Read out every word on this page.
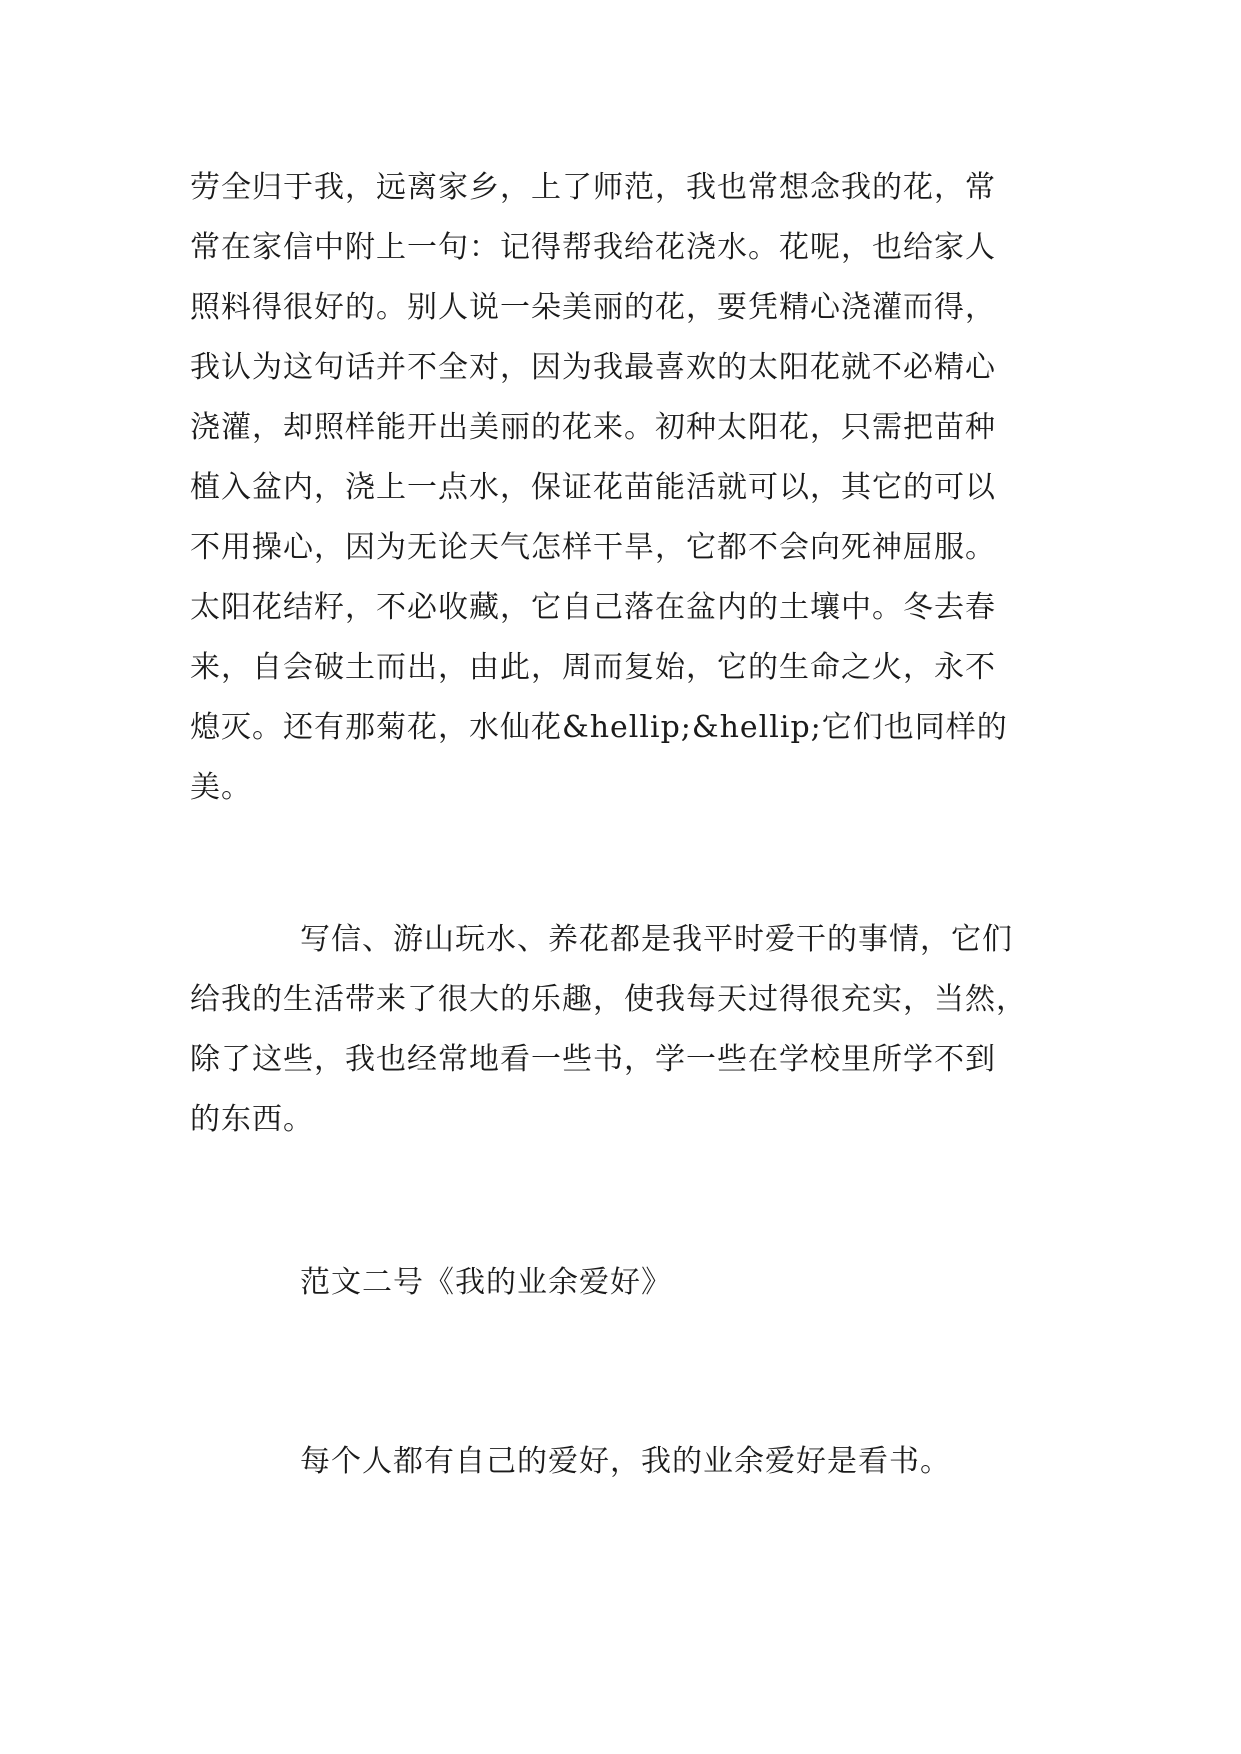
劳全归于我，远离家乡，上了师范，我也常想念我的花，常
常在家信中附上一句：记得帮我给花浇水。花呢，也给家人
照料得很好的。别人说一朵美丽的花，要凭精心浇灌而得，
我认为这句话并不全对，因为我最喜欢的太阳花就不必精心
浇灌，却照样能开出美丽的花来。初种太阳花，只需把苗种
植入盆内，浇上一点水，保证花苗能活就可以，其它的可以
不用操心，因为无论天气怎样干旱，它都不会向死神屈服。
太阳花结籽，不必收藏，它自己落在盆内的土壤中。冬去春
来，自会破土而出，由此，周而复始，它的生命之火，永不
熄灭。还有那菊花，水仙花&hellip;&hellip;它们也同样的
美。
写信、游山玩水、养花都是我平时爱干的事情，它们
给我的生活带来了很大的乐趣，使我每天过得很充实，当然，
除了这些，我也经常地看一些书，学一些在学校里所学不到
的东西。
范文二号《我的业余爱好》
每个人都有自己的爱好，我的业余爱好是看书。
